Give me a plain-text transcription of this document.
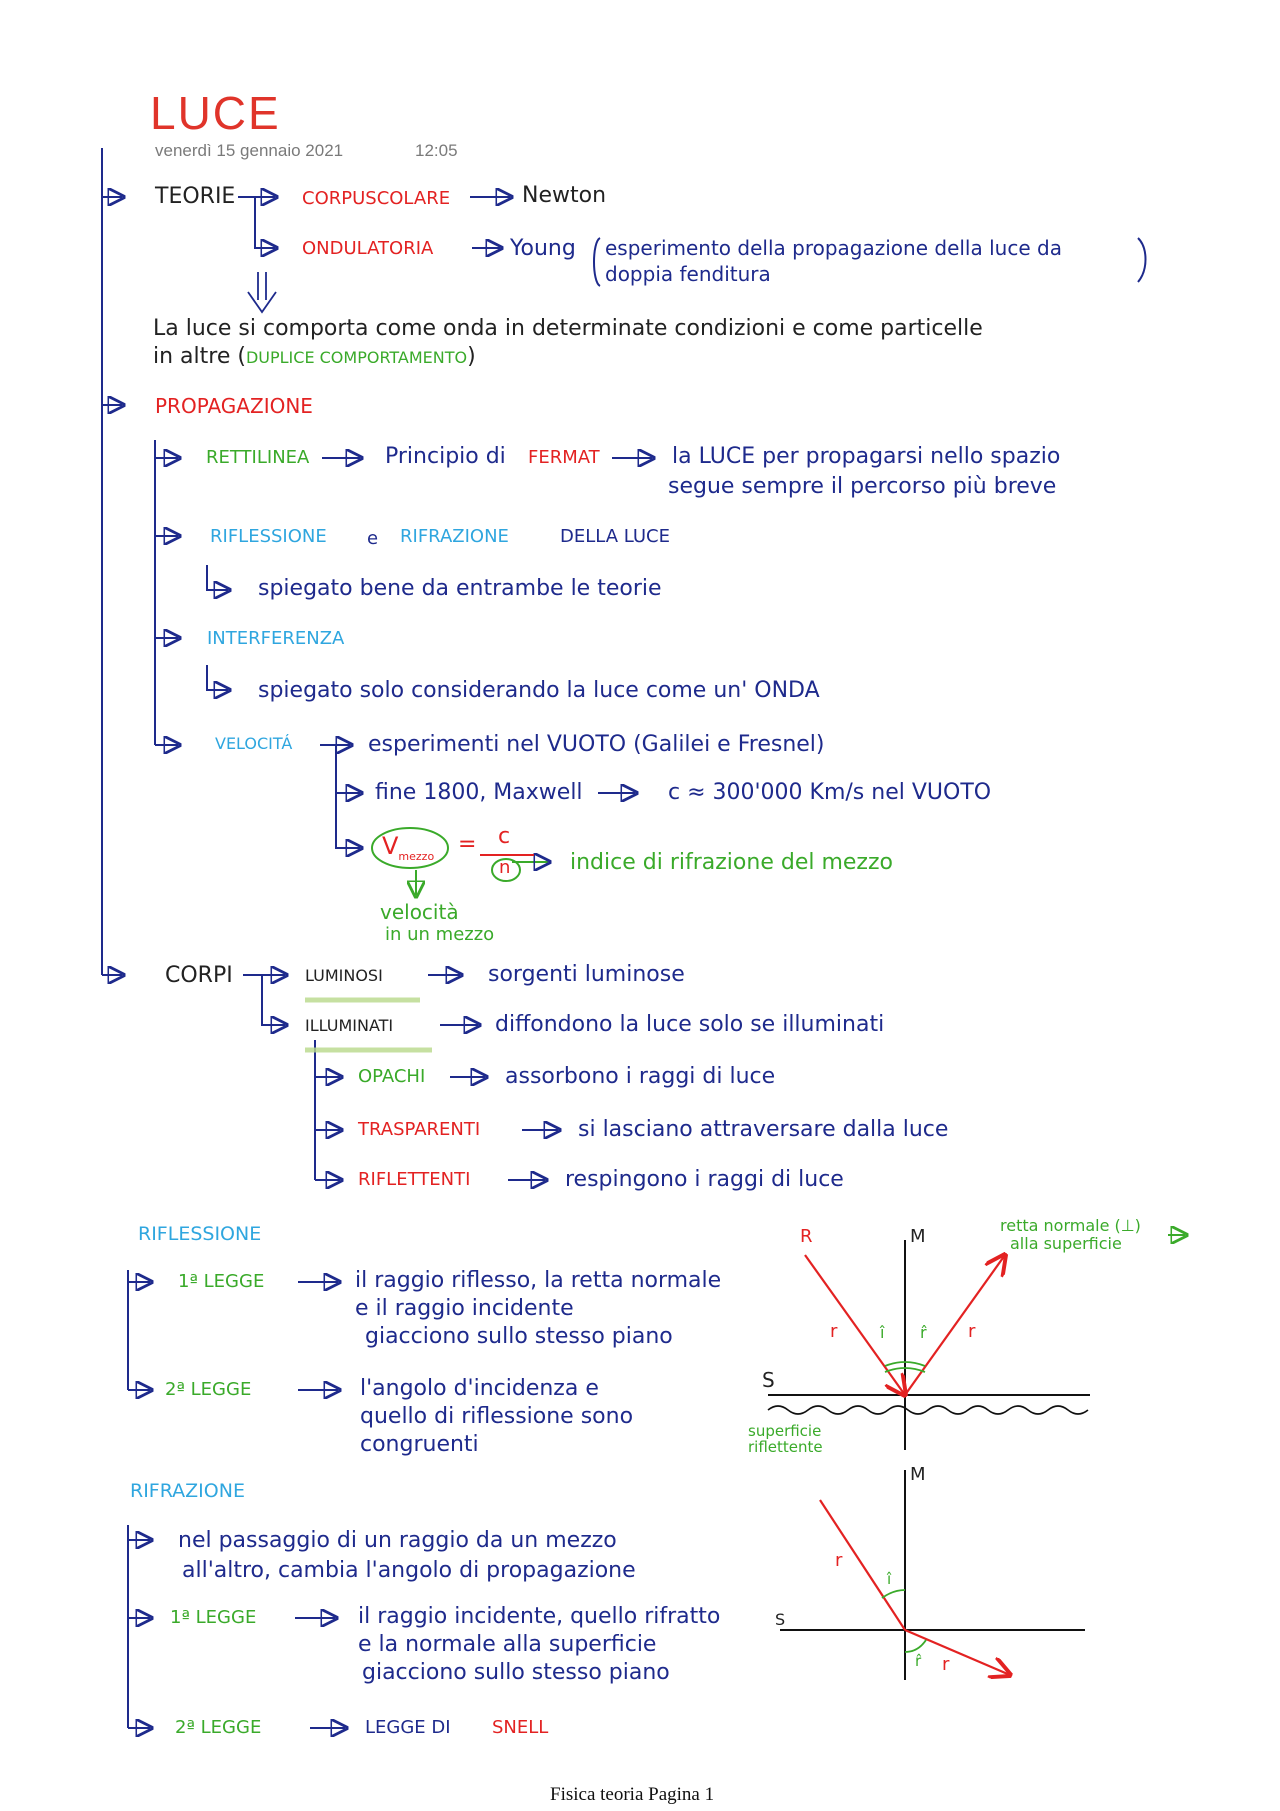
LUCE
venerdì 15 gennaio 2021	12:05
TEORIE	CORPUSCOLARE	Newton
ONDULATORIA	Young esperimento della propagazione della luce da
doppia fenditura
La luce si comporta come onda in determinate condizioni e come particelle
in altre (DUPLICE COMPORTAMENTO)
PROPAGAZIONE
RETTILINEA	Principio di FERMAT	la LUCE per propagarsi nello spazio
segue sempre il percorso più breve
RIFLESSIONE e RIFRAZIONE	DELLA LUCE
spiegato bene da entrambe le teorie
INTERFERENZA
spiegato solo considerando la luce come un' ONDA
VELOCITÁ	esperimenti nel VUOTO (Galilei e Fresnel)
fine 1800, Maxwell	c ≈ 300'000 Km/s nel VUOTO
$V_{mezzo} = c$
n	indice di rifrazione del mezzo
velocità
in un mezzo
CORPI	LUMINOSI	sorgenti luminose
ILLUMINATI	diffondono la luce solo se illuminati
OPACHI	assorbono i raggi di luce
TRASPARENTI	si lasciano attraversare dalla luce
RIFLETTENTI	respingono i raggi di luce
RIFLESSIONE
1ª LEGGE	il raggio riflesso, la retta normale
e il raggio incidente
giacciono sullo stesso piano
2ª LEGGE	l'angolo d'incidenza e
quello di riflessione sono
congruenti
R	M
retta normale (⊥)
alla superficie
r	r
î r̂
S
superficie
riflettente
RIFRAZIONE
nel passaggio di un raggio da un mezzo
all'altro, cambia l'angolo di propagazione
1ª LEGGE	il raggio incidente, quello rifratto
e la normale alla superficie
giacciono sullo stesso piano
2ª LEGGE	LEGGE DI SNELL
M
S
r
î
r̂ r
Fisica teoria Pagina 1
